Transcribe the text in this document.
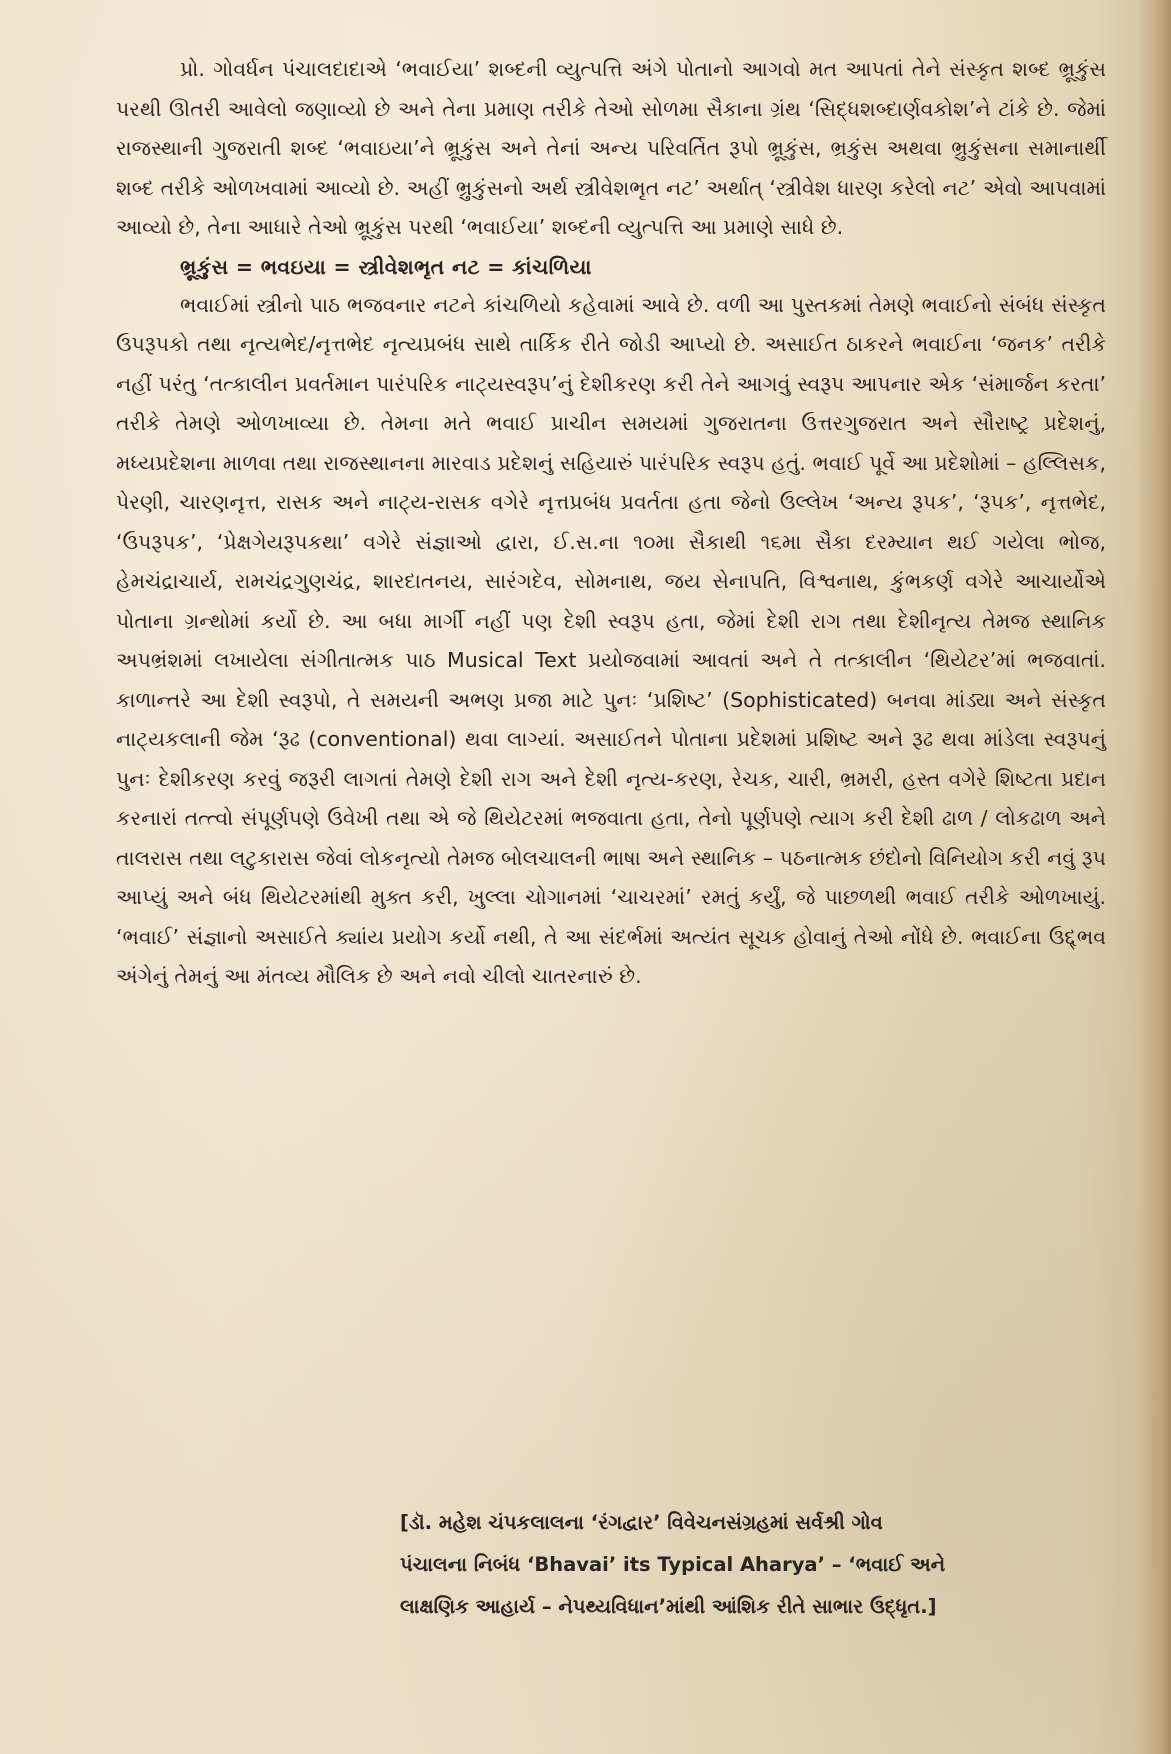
પ્રો. ગોવર્ધન પંચાલદાદાએ ‘ભવાઈયા’ શબ્દની વ્યુત્પત્તિ અંગે પોતાનો આગવો મત આપતાં તેને સંસ્કૃત શબ્દ ભ્રૂકુંસ પરથી ઊતરી આવેલો જણાવ્યો છે અને તેના પ્રમાણ તરીકે તેઓ સોળમા સૈકાના ગ્રંથ ‘સિદ્ધશબ્દાર્ણવકોશ’ને ટાંકે છે. જેમાં રાજસ્થાની ગુજરાતી શબ્દ ‘ભવાઇયા’ને ભ્રૂકુંસ અને તેનાં અન્ય પરિવર્તિત રૂપો ભ્રૂકુંસ, ભ્રકુંસ અથવા ભ્રુકુંસના સમાનાર્થી શબ્દ તરીકે ઓળખવામાં આવ્યો છે. અહીં ભ્રુકુંસનો અર્થ સ્ત્રીવેશભૃત નટ’ અર્થાત્ ‘સ્ત્રીવેશ ધારણ કરેલો નટ’ એવો આપવામાં આવ્યો છે, તેના આધારે તેઓ ભ્રૂકુંસ પરથી ‘ભવાઈયા’ શબ્દની વ્યુત્પત્તિ આ પ્રમાણે સાધે છે.

ભ્રૂકુંસ = ભવઇયા = સ્ત્રીવેશભૃત નટ = કાંચળિયા

ભવાઈમાં સ્ત્રીનો પાઠ ભજવનાર નટને કાંચળિયો કહેવામાં આવે છે. વળી આ પુસ્તકમાં તેમણે ભવાઈનો સંબંધ સંસ્કૃત ઉપરૂપકો તથા નૃત્યભેદ/નૃત્તભેદ નૃત્યપ્રબંધ સાથે તાર્કિક રીતે જોડી આપ્યો છે. અસાઈત ઠાકરને ભવાઈના ‘જનક’ તરીકે નહીં પરંતુ ‘તત્કાલીન પ્રવર્તમાન પારંપરિક નાટ્યસ્વરૂપ’નું દેશીકરણ કરી તેને આગવું સ્વરૂપ આપનાર એક ‘સંમાર્જન કરતા’ તરીકે તેમણે ઓળખાવ્યા છે. તેમના મતે ભવાઈ પ્રાચીન સમયમાં ગુજરાતના ઉત્તરગુજરાત અને સૌરાષ્ટ્ર પ્રદેશનું, મધ્યપ્રદેશના માળવા તથા રાજસ્થાનના મારવાડ પ્રદેશનું સહિયારું પારંપરિક સ્વરૂપ હતું. ભવાઈ પૂર્વે આ પ્રદેશોમાં – હલ્લિસક, પેરણી, ચારણનૃત્ત, રાસક અને નાટ્ય-રાસક વગેરે નૃત્તપ્રબંધ પ્રવર્તતા હતા જેનો ઉલ્લેખ ‘અન્ય રૂપક’, ‘રૂપક’, નૃત્તભેદ, ‘ઉપરૂપક’, ‘પ્રેક્ષગેયરૂપકથા’ વગેરે સંજ્ઞાઓ દ્વારા, ઈ.સ.ના ૧૦મા સૈકાથી ૧૬મા સૈકા દરમ્યાન થઈ ગયેલા ભોજ, હેમચંદ્રાચાર્ય, રામચંદ્રગુણચંદ્ર, શારદાતનય, સારંગદેવ, સોમનાથ, જય સેનાપતિ, વિશ્વનાથ, કુંભકર્ણ વગેરે આચાર્યોએ પોતાના ગ્રન્થોમાં કર્યો છે. આ બધા માર્ગી નહીં પણ દેશી સ્વરૂપ હતા, જેમાં દેશી રાગ તથા દેશીનૃત્ય તેમજ સ્થાનિક અપભ્રંશમાં લખાયેલા સંગીતાત્મક પાઠ Musical Text પ્રયોજવામાં આવતાં અને તે તત્કાલીન ‘થિયેટર’માં ભજવાતાં. કાળાન્તરે આ દેશી સ્વરૂપો, તે સમયની અભણ પ્રજા માટે પુનઃ ‘પ્રશિષ્ટ’ (Sophisticated) બનવા માંડ્યા અને સંસ્કૃત નાટ્યકલાની જેમ ‘રૂઢ (conventional) થવા લાગ્યાં. અસાઈતને પોતાના પ્રદેશમાં પ્રશિષ્ટ અને રૂઢ થવા માંડેલા સ્વરૂપનું પુનઃ દેશીકરણ કરવું જરૂરી લાગતાં તેમણે દેશી રાગ અને દેશી નૃત્ય-કરણ, રેચક, ચારી, ભ્રમરી, હસ્ત વગેરે શિષ્ટતા પ્રદાન કરનારાં તત્ત્વો સંપૂર્ણપણે ઉવેખી તથા એ જે થિયેટરમાં ભજવાતા હતા, તેનો પૂર્ણપણે ત્યાગ કરી દેશી ઢાળ / લોકઢાળ અને તાલરાસ તથા લટુકારાસ જેવાં લોકનૃત્યો તેમજ બોલચાલની ભાષા અને સ્થાનિક – પઠનાત્મક છંદોનો વિનિયોગ કરી નવું રૂપ આપ્યું અને બંધ થિયેટરમાંથી મુક્ત કરી, ખુલ્લા ચોગાનમાં ‘ચાચરમાં’ રમતું કર્યું, જે પાછળથી ભવાઈ તરીકે ઓળખાયું. ‘ભવાઈ’ સંજ્ઞાનો અસાઈતે ક્યાંય પ્રયોગ કર્યો નથી, તે આ સંદર્ભમાં અત્યંત સૂચક હોવાનું તેઓ નોંધે છે. ભવાઈના ઉદ્દ્ભવ અંગેનું તેમનું આ મંતવ્ય મૌલિક છે અને નવો ચીલો ચાતરનારું છે.

[ડૉ. મહેશ ચંપકલાલના ‘રંગદ્વાર’ વિવેચનસંગ્રહમાં સર્વશ્રી ગોવ
પંચાલના નિબંધ ‘Bhavai’ its Typical Aharya’ – ‘ભવાઈ અને
લાક્ષણિક આહાર્ય – નેપથ્યવિધાન’માંથી આંશિક રીતે સાભાર ઉદ્ધૃત.]
